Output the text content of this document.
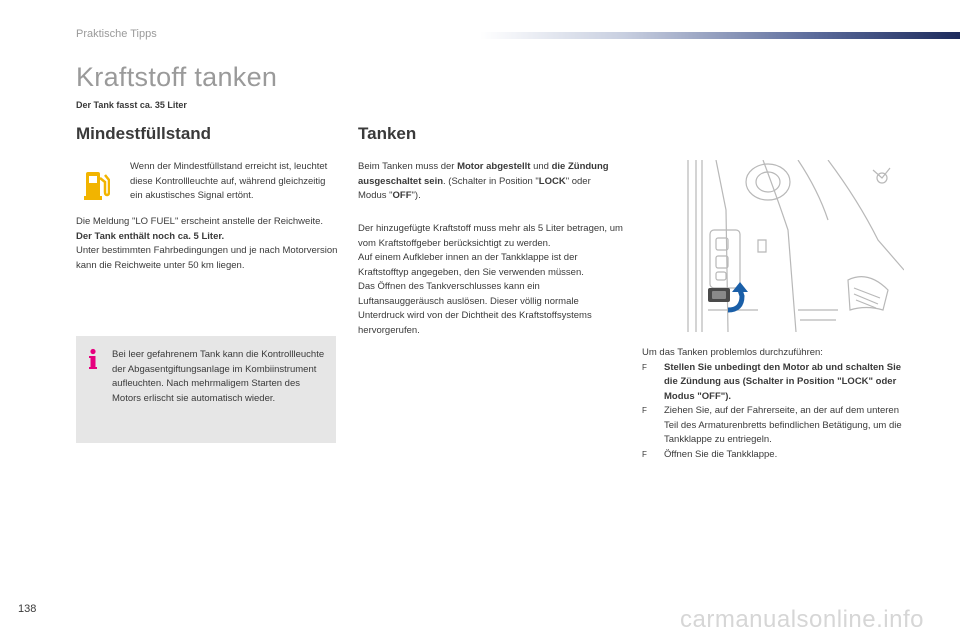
Praktische Tipps
Kraftstoff tanken
Der Tank fasst ca. 35 Liter
Mindestfüllstand	Tanken
Wenn der Mindestfüllstand erreicht ist, leuchtet diese Kontrollleuchte auf, während gleichzeitig ein akustisches Signal ertönt.
Die Meldung "LO FUEL" erscheint anstelle der Reichweite.
Der Tank enthält noch ca. 5 Liter.
Unter bestimmten Fahrbedingungen und je nach Motorversion kann die Reichweite unter 50 km liegen.
Bei leer gefahrenem Tank kann die Kontrollleuchte der Abgasentgiftungsanlage im Kombiinstrument aufleuchten. Nach mehrmaligem Starten des Motors erlischt sie automatisch wieder.
Beim Tanken muss der Motor abgestellt und die Zündung ausgeschaltet sein. (Schalter in Position "LOCK" oder Modus "OFF").
Der hinzugefügte Kraftstoff muss mehr als 5 Liter betragen, um vom Kraftstoffgeber berücksichtigt zu werden.
Auf einem Aufkleber innen an der Tankklappe ist der Kraftstofftyp angegeben, den Sie verwenden müssen.
Das Öffnen des Tankverschlusses kann ein Luftansauggeräusch auslösen. Dieser völlig normale Unterdruck wird von der Dichtheit des Kraftstoffsystems hervorgerufen.
Um das Tanken problemlos durchzuführen:
F Stellen Sie unbedingt den Motor ab und schalten Sie die Zündung aus (Schalter in Position "LOCK" oder Modus "OFF").
F Ziehen Sie, auf der Fahrerseite, an der auf dem unteren Teil des Armaturenbretts befindlichen Betätigung, um die Tankklappe zu entriegeln.
F Öffnen Sie die Tankklappe.
138	carmanualsonline.info
